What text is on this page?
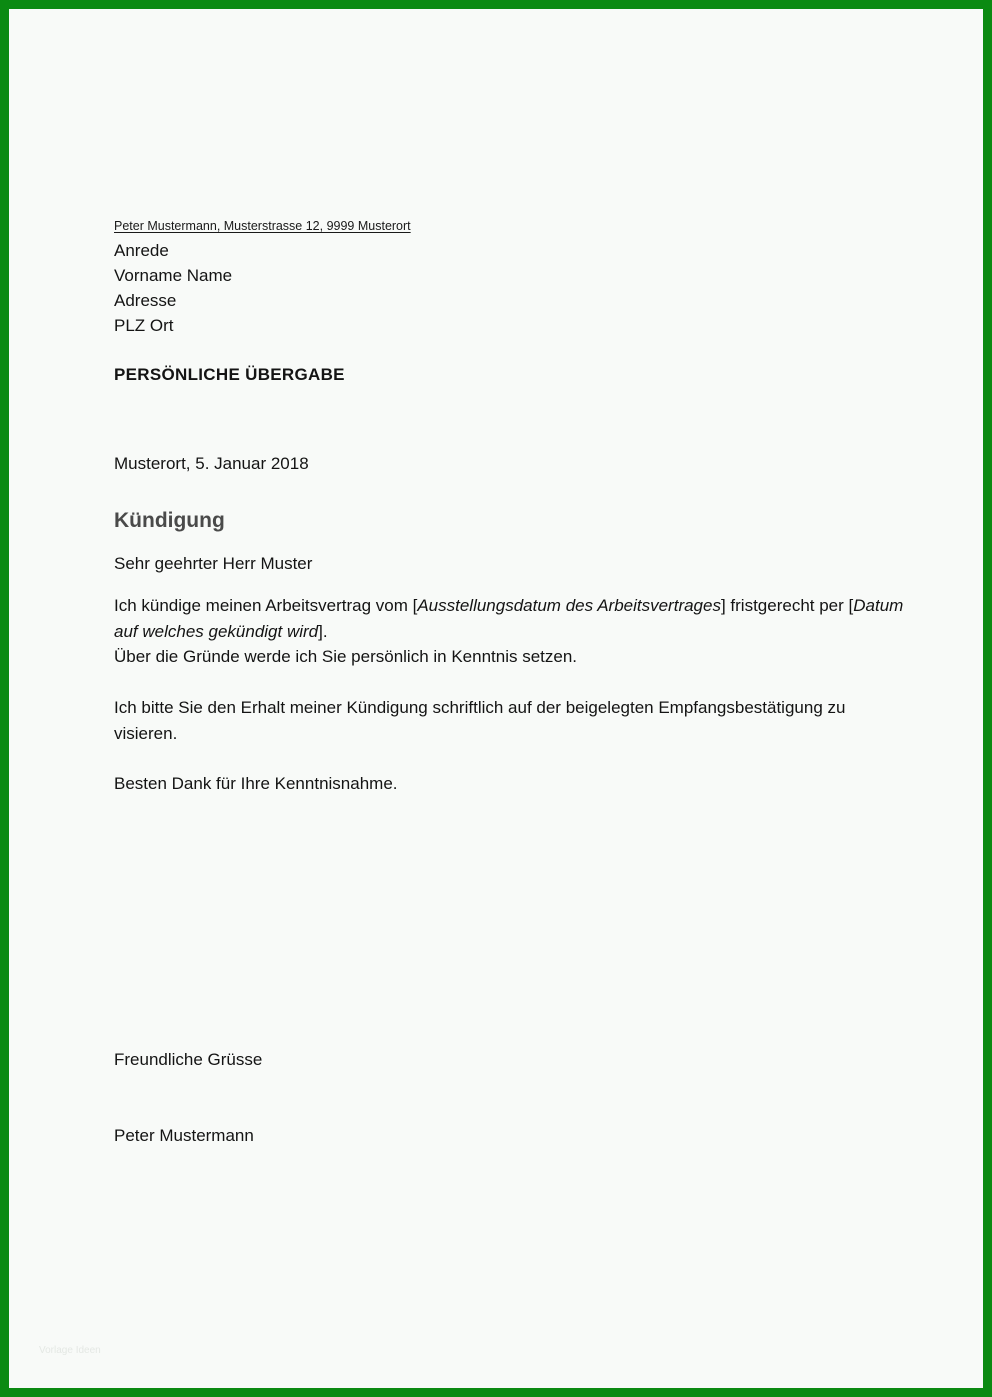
Peter Mustermann, Musterstrasse 12, 9999 Musterort
Anrede
Vorname Name
Adresse
PLZ Ort
PERSÖNLICHE ÜBERGABE
Musterort, 5. Januar 2018
Kündigung
Sehr geehrter Herr Muster
Ich kündige meinen Arbeitsvertrag vom [Ausstellungsdatum des Arbeitsvertrages] fristgerecht per [Datum auf welches gekündigt wird].
Über die Gründe werde ich Sie persönlich in Kenntnis setzen.
Ich bitte Sie den Erhalt meiner Kündigung schriftlich auf der beigelegten Empfangsbestätigung zu visieren.
Besten Dank für Ihre Kenntnisnahme.
Freundliche Grüsse
Peter Mustermann
Vorlage Ideen
